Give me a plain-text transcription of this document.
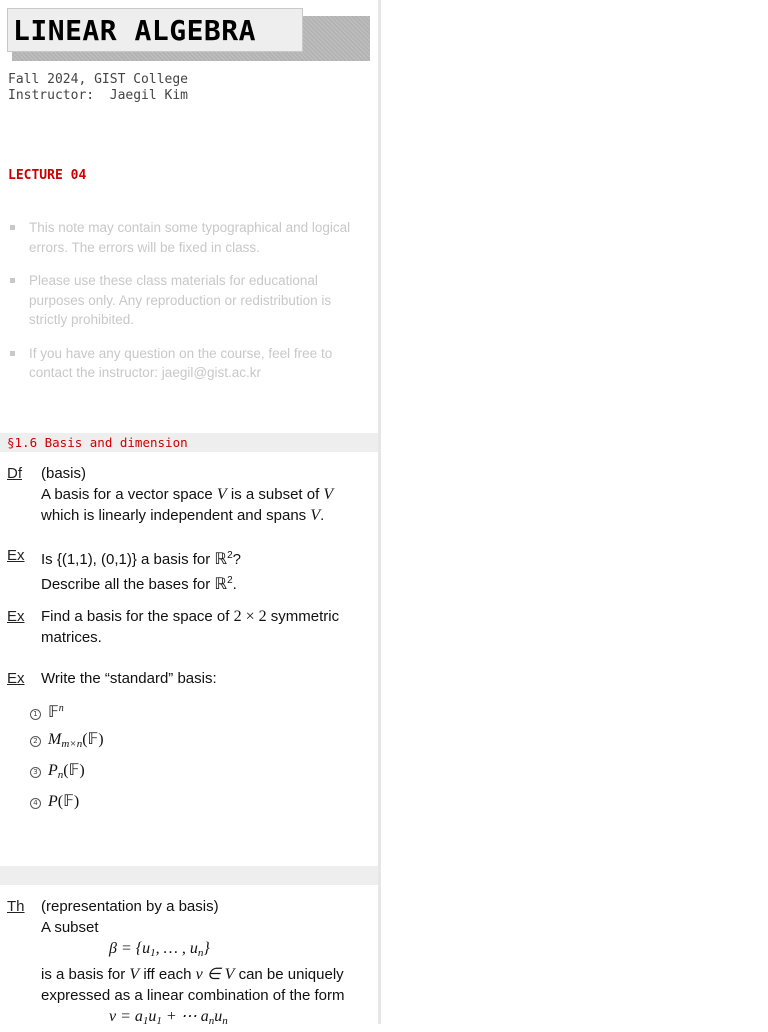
LINEAR ALGEBRA
Fall 2024, GIST College
Instructor:  Jaegil Kim
LECTURE 04
This note may contain some typographical and logical errors. The errors will be fixed in class.
Please use these class materials for educational purposes only. Any reproduction or redistribution is strictly prohibited.
If you have any question on the course, feel free to contact the instructor: jaegil@gist.ac.kr
§1.6 Basis and dimension
Df (basis)
A basis for a vector space V is a subset of V
which is linearly independent and spans V.
Ex Is {(1,1), (0,1)} a basis for ℝ$^2$?
Describe all the bases for ℝ$^2$.
Ex Find a basis for the space of 2 × 2 symmetric
matrices.
Ex Write the “standard” basis:
1 𝔽$^n$
2 $M_{m\times n}(𝔽)$
3 $P_n(𝔽)$
4 P(𝔽)
Th (representation by a basis)
A subset
$\beta = \{u_1$, … , $u_n$}
is a basis for V iff each v ∈ V can be uniquely
expressed as a linear combination of the form
$v = a_1u_1$ + ⋯ $a_nu_n$
